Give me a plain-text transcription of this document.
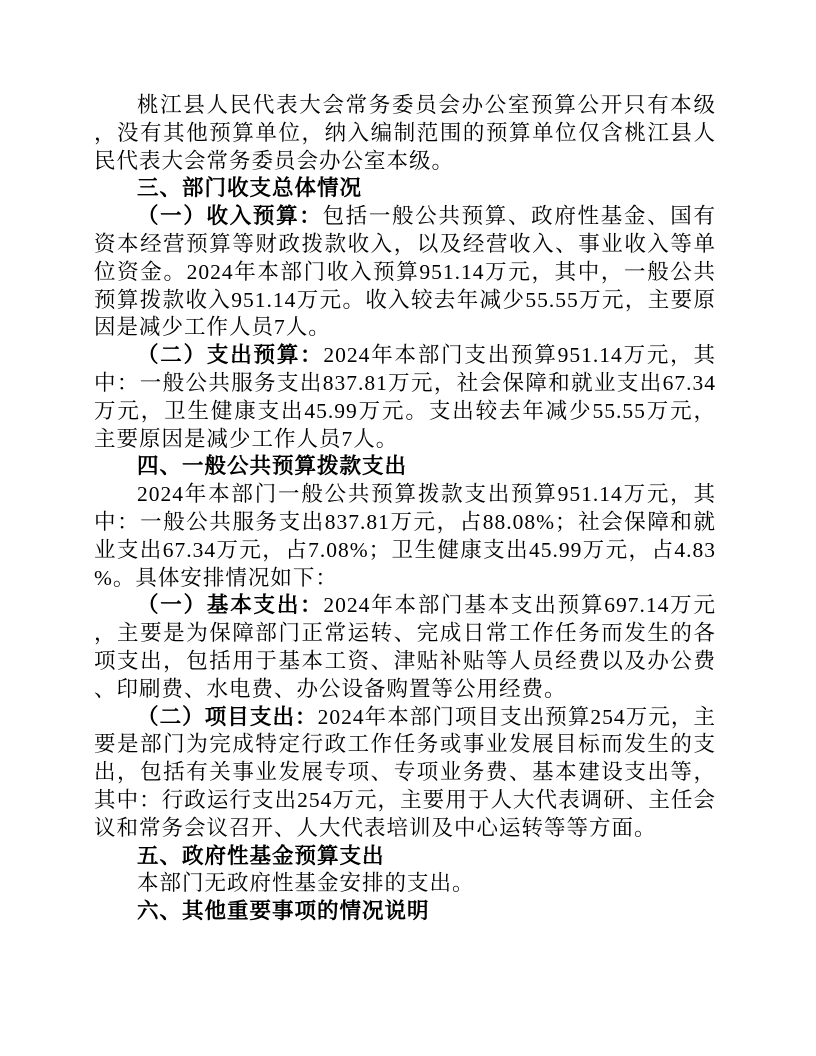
桃江县人民代表大会常务委员会办公室预算公开只有本级，没有其他预算单位，纳入编制范围的预算单位仅含桃江县人民代表大会常务委员会办公室本级。

三、部门收支总体情况

（一）收入预算：包括一般公共预算、政府性基金、国有资本经营预算等财政拨款收入，以及经营收入、事业收入等单位资金。2024年本部门收入预算951.14万元，其中，一般公共预算拨款收入951.14万元。收入较去年减少55.55万元，主要原因是减少工作人员7人。

（二）支出预算：2024年本部门支出预算951.14万元，其中：一般公共服务支出837.81万元，社会保障和就业支出67.34万元，卫生健康支出45.99万元。支出较去年减少55.55万元，主要原因是减少工作人员7人。

四、一般公共预算拨款支出

2024年本部门一般公共预算拨款支出预算951.14万元，其中：一般公共服务支出837.81万元，占88.08%；社会保障和就业支出67.34万元，占7.08%；卫生健康支出45.99万元，占4.83%。具体安排情况如下：

（一）基本支出：2024年本部门基本支出预算697.14万元，主要是为保障部门正常运转、完成日常工作任务而发生的各项支出，包括用于基本工资、津贴补贴等人员经费以及办公费、印刷费、水电费、办公设备购置等公用经费。

（二）项目支出：2024年本部门项目支出预算254万元，主要是部门为完成特定行政工作任务或事业发展目标而发生的支出，包括有关事业发展专项、专项业务费、基本建设支出等，其中：行政运行支出254万元，主要用于人大代表调研、主任会议和常务会议召开、人大代表培训及中心运转等等方面。

五、政府性基金预算支出

本部门无政府性基金安排的支出。

六、其他重要事项的情况说明
